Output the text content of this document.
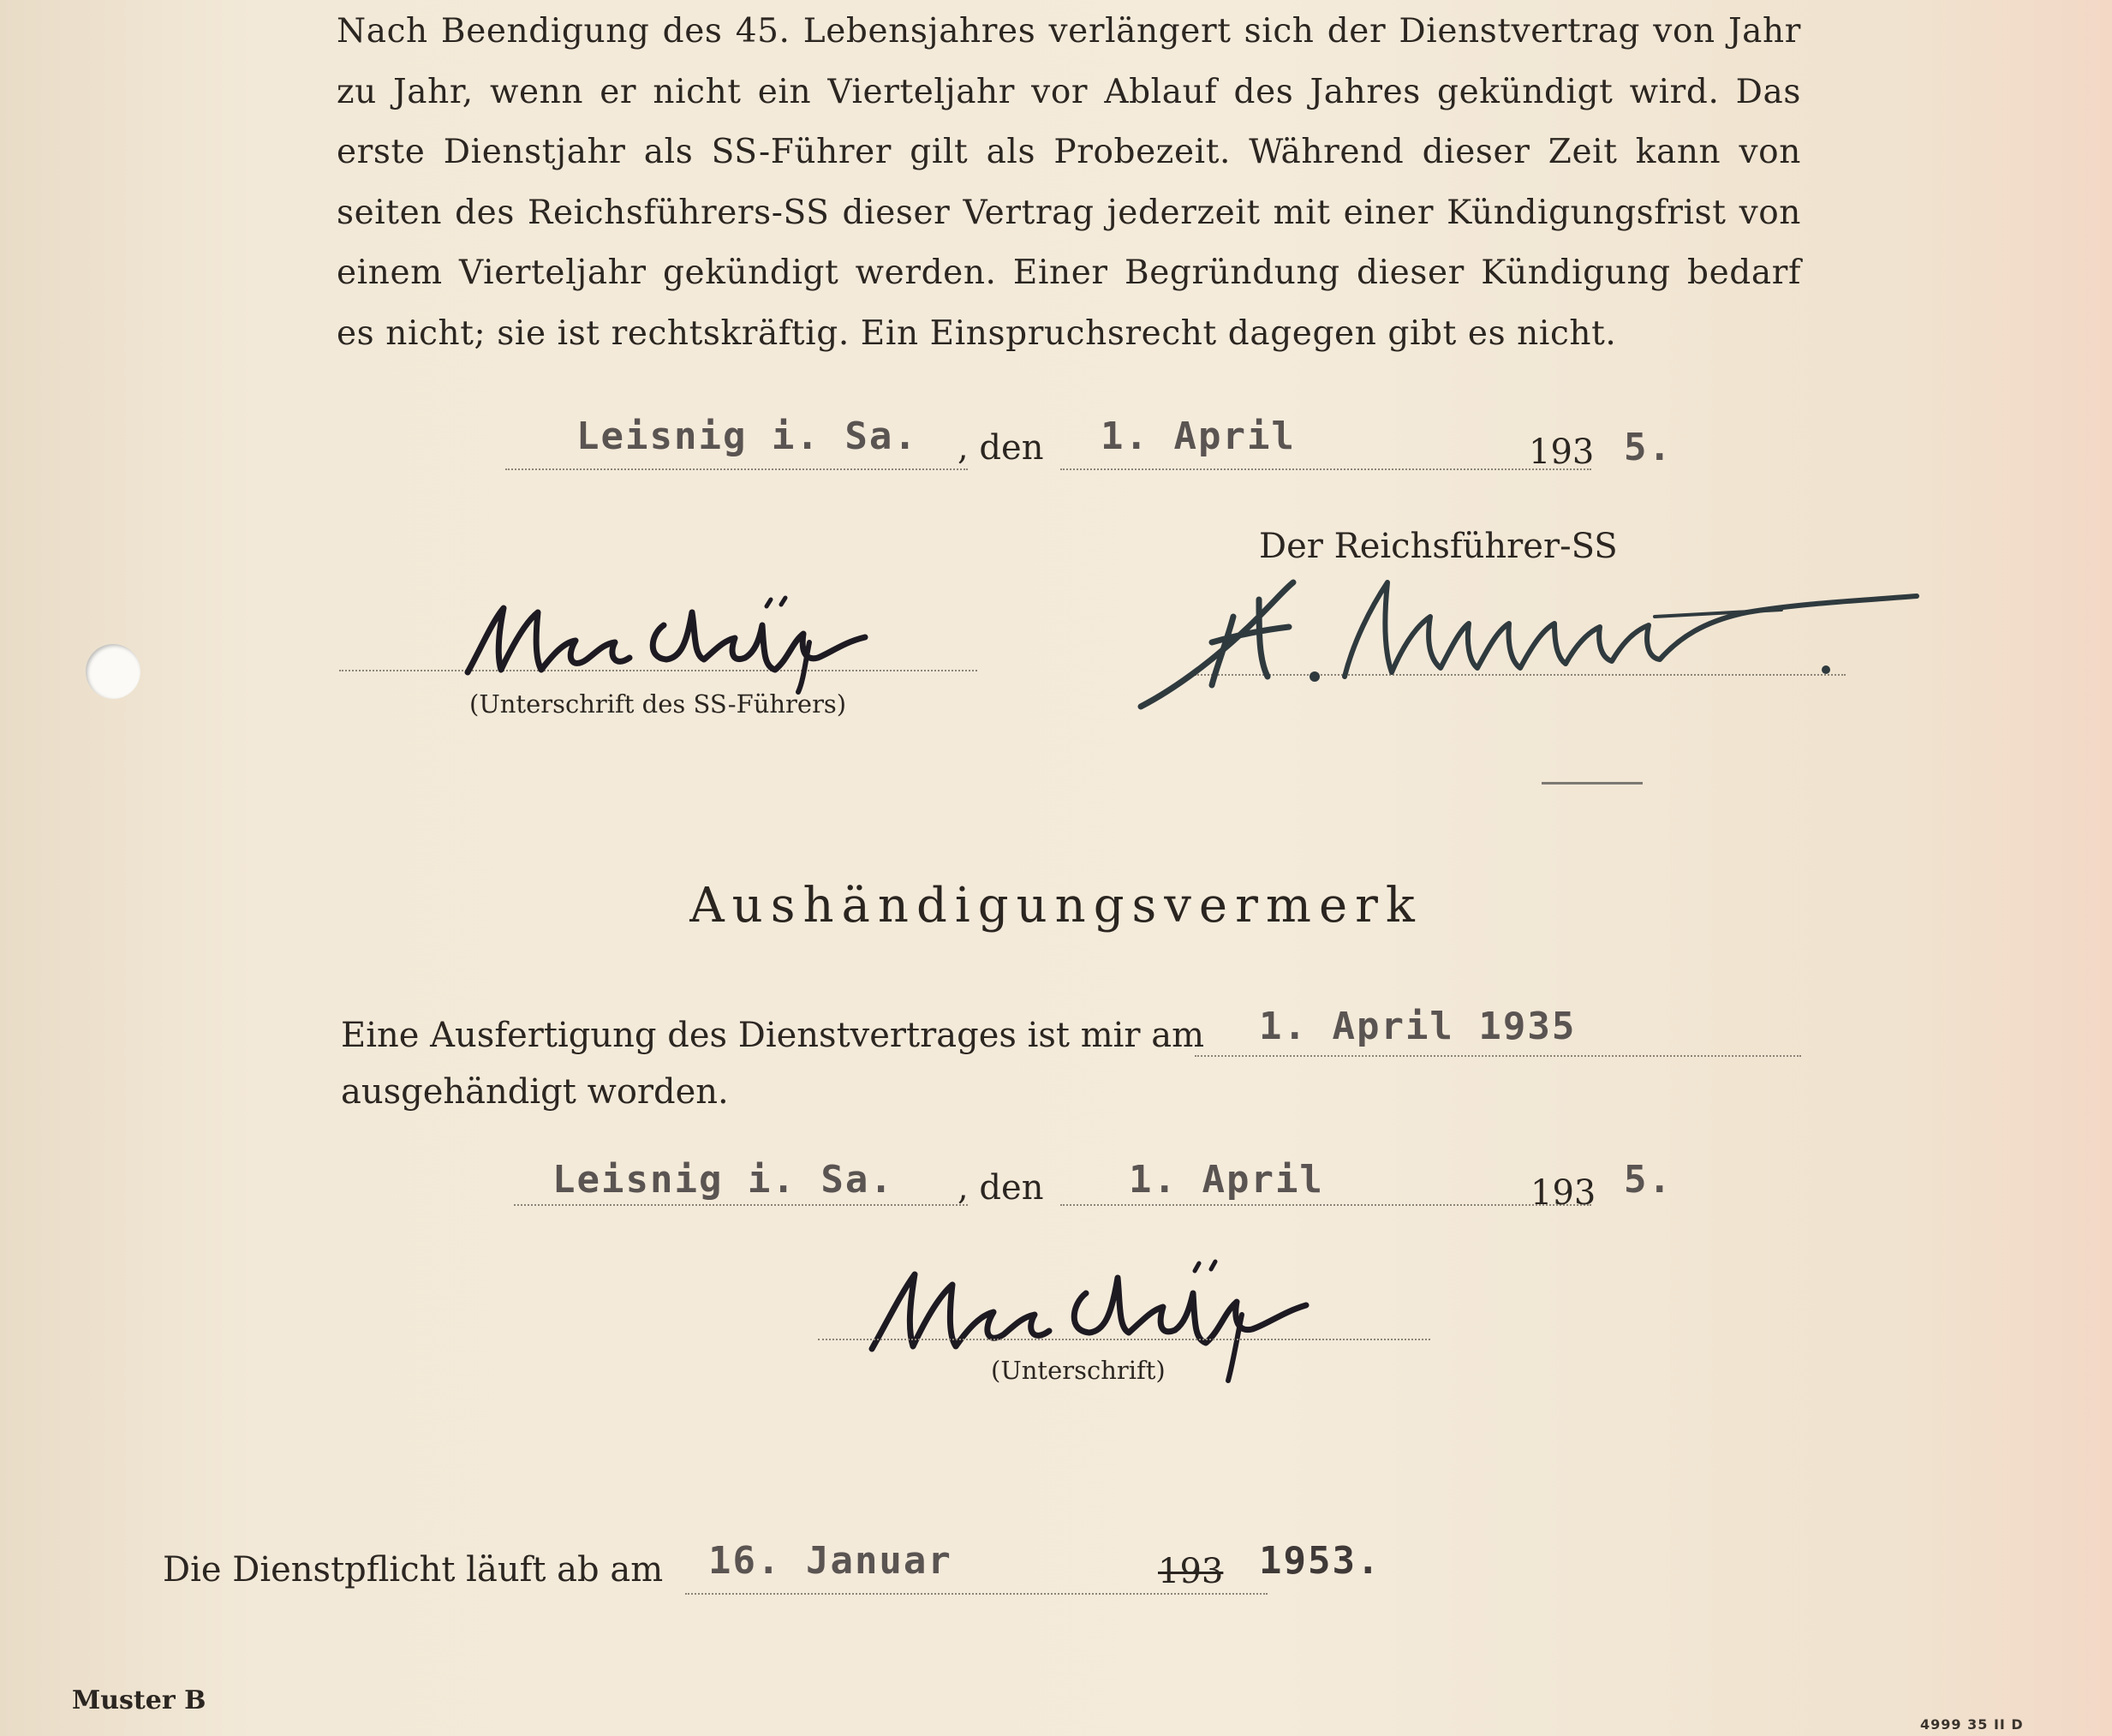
Nach Beendigung des 45. Lebensjahres verlängert sich der Dienstvertrag von Jahr zu Jahr, wenn er nicht ein Vierteljahr vor Ablauf des Jahres gekündigt wird. Das erste Dienstjahr als SS-Führer gilt als Probezeit. Während dieser Zeit kann von seiten des Reichsführers-SS dieser Vertrag jederzeit mit einer Kündigungsfrist von einem Vierteljahr gekündigt werden. Einer Begründung dieser Kündigung bedarf es nicht; sie ist rechtskräftig. Ein Einspruchsrecht dagegen gibt es nicht.
Leisnig i. Sa. , den 1. April	193 5.
Der Reichsführer-SS
(Unterschrift des SS-Führers)
Aushändigungsvermerk
Eine Ausfertigung des Dienstvertrages ist mir am 1. April 1935
ausgehändigt worden.
Leisnig i. Sa. , den 1. April	193 5.
(Unterschrift)
Die Dienstpflicht läuft ab am 16. Januar	193 1953.
Muster B
4999 35 II D
